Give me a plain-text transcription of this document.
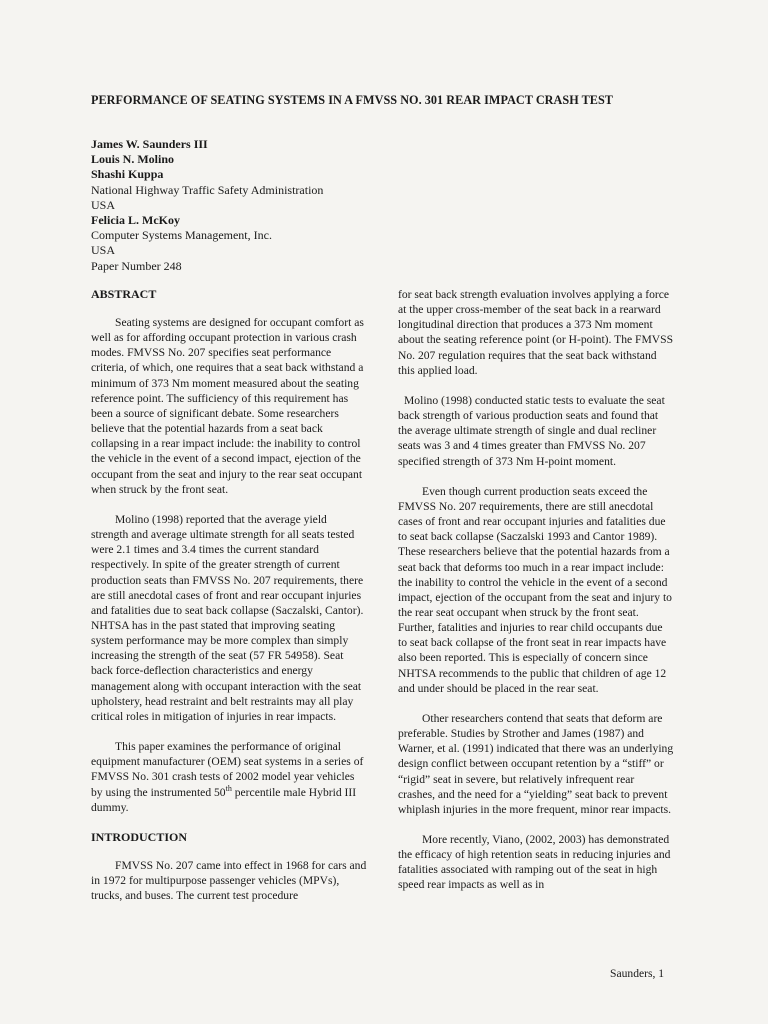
PERFORMANCE OF SEATING SYSTEMS IN A FMVSS NO. 301 REAR IMPACT CRASH TEST
James W. Saunders III
Louis N. Molino
Shashi Kuppa
National Highway Traffic Safety Administration
USA
Felicia L. McKoy
Computer Systems Management, Inc.
USA
Paper Number 248
ABSTRACT

Seating systems are designed for occupant comfort as well as for affording occupant protection in various crash modes. FMVSS No. 207 specifies seat performance criteria, of which, one requires that a seat back withstand a minimum of 373 Nm moment measured about the seating reference point. The sufficiency of this requirement has been a source of significant debate. Some researchers believe that the potential hazards from a seat back collapsing in a rear impact include: the inability to control the vehicle in the event of a second impact, ejection of the occupant from the seat and injury to the rear seat occupant when struck by the front seat.

Molino (1998) reported that the average yield strength and average ultimate strength for all seats tested were 2.1 times and 3.4 times the current standard respectively. In spite of the greater strength of current production seats than FMVSS No. 207 requirements, there are still anecdotal cases of front and rear occupant injuries and fatalities due to seat back collapse (Saczalski, Cantor). NHTSA has in the past stated that improving seating system performance may be more complex than simply increasing the strength of the seat (57 FR 54958). Seat back force-deflection characteristics and energy management along with occupant interaction with the seat upholstery, head restraint and belt restraints may all play critical roles in mitigation of injuries in rear impacts.

This paper examines the performance of original equipment manufacturer (OEM) seat systems in a series of FMVSS No. 301 crash tests of 2002 model year vehicles by using the instrumented 50th percentile male Hybrid III dummy.

INTRODUCTION

FMVSS No. 207 came into effect in 1968 for cars and in 1972 for multipurpose passenger vehicles (MPVs), trucks, and buses. The current test procedure

for seat back strength evaluation involves applying a force at the upper cross-member of the seat back in a rearward longitudinal direction that produces a 373 Nm moment about the seating reference point (or H-point). The FMVSS No. 207 regulation requires that the seat back withstand this applied load.

Molino (1998) conducted static tests to evaluate the seat back strength of various production seats and found that the average ultimate strength of single and dual recliner seats was 3 and 4 times greater than FMVSS No. 207 specified strength of 373 Nm H-point moment.

Even though current production seats exceed the FMVSS No. 207 requirements, there are still anecdotal cases of front and rear occupant injuries and fatalities due to seat back collapse (Saczalski 1993 and Cantor 1989). These researchers believe that the potential hazards from a seat back that deforms too much in a rear impact include: the inability to control the vehicle in the event of a second impact, ejection of the occupant from the seat and injury to the rear seat occupant when struck by the front seat. Further, fatalities and injuries to rear child occupants due to seat back collapse of the front seat in rear impacts have also been reported. This is especially of concern since NHTSA recommends to the public that children of age 12 and under should be placed in the rear seat.

Other researchers contend that seats that deform are preferable. Studies by Strother and James (1987) and Warner, et al. (1991) indicated that there was an underlying design conflict between occupant retention by a “stiff” or “rigid” seat in severe, but relatively infrequent rear crashes, and the need for a “yielding” seat back to prevent whiplash injuries in the more frequent, minor rear impacts.

More recently, Viano, (2002, 2003) has demonstrated the efficacy of high retention seats in reducing injuries and fatalities associated with ramping out of the seat in high speed rear impacts as well as in

Saunders, 1
